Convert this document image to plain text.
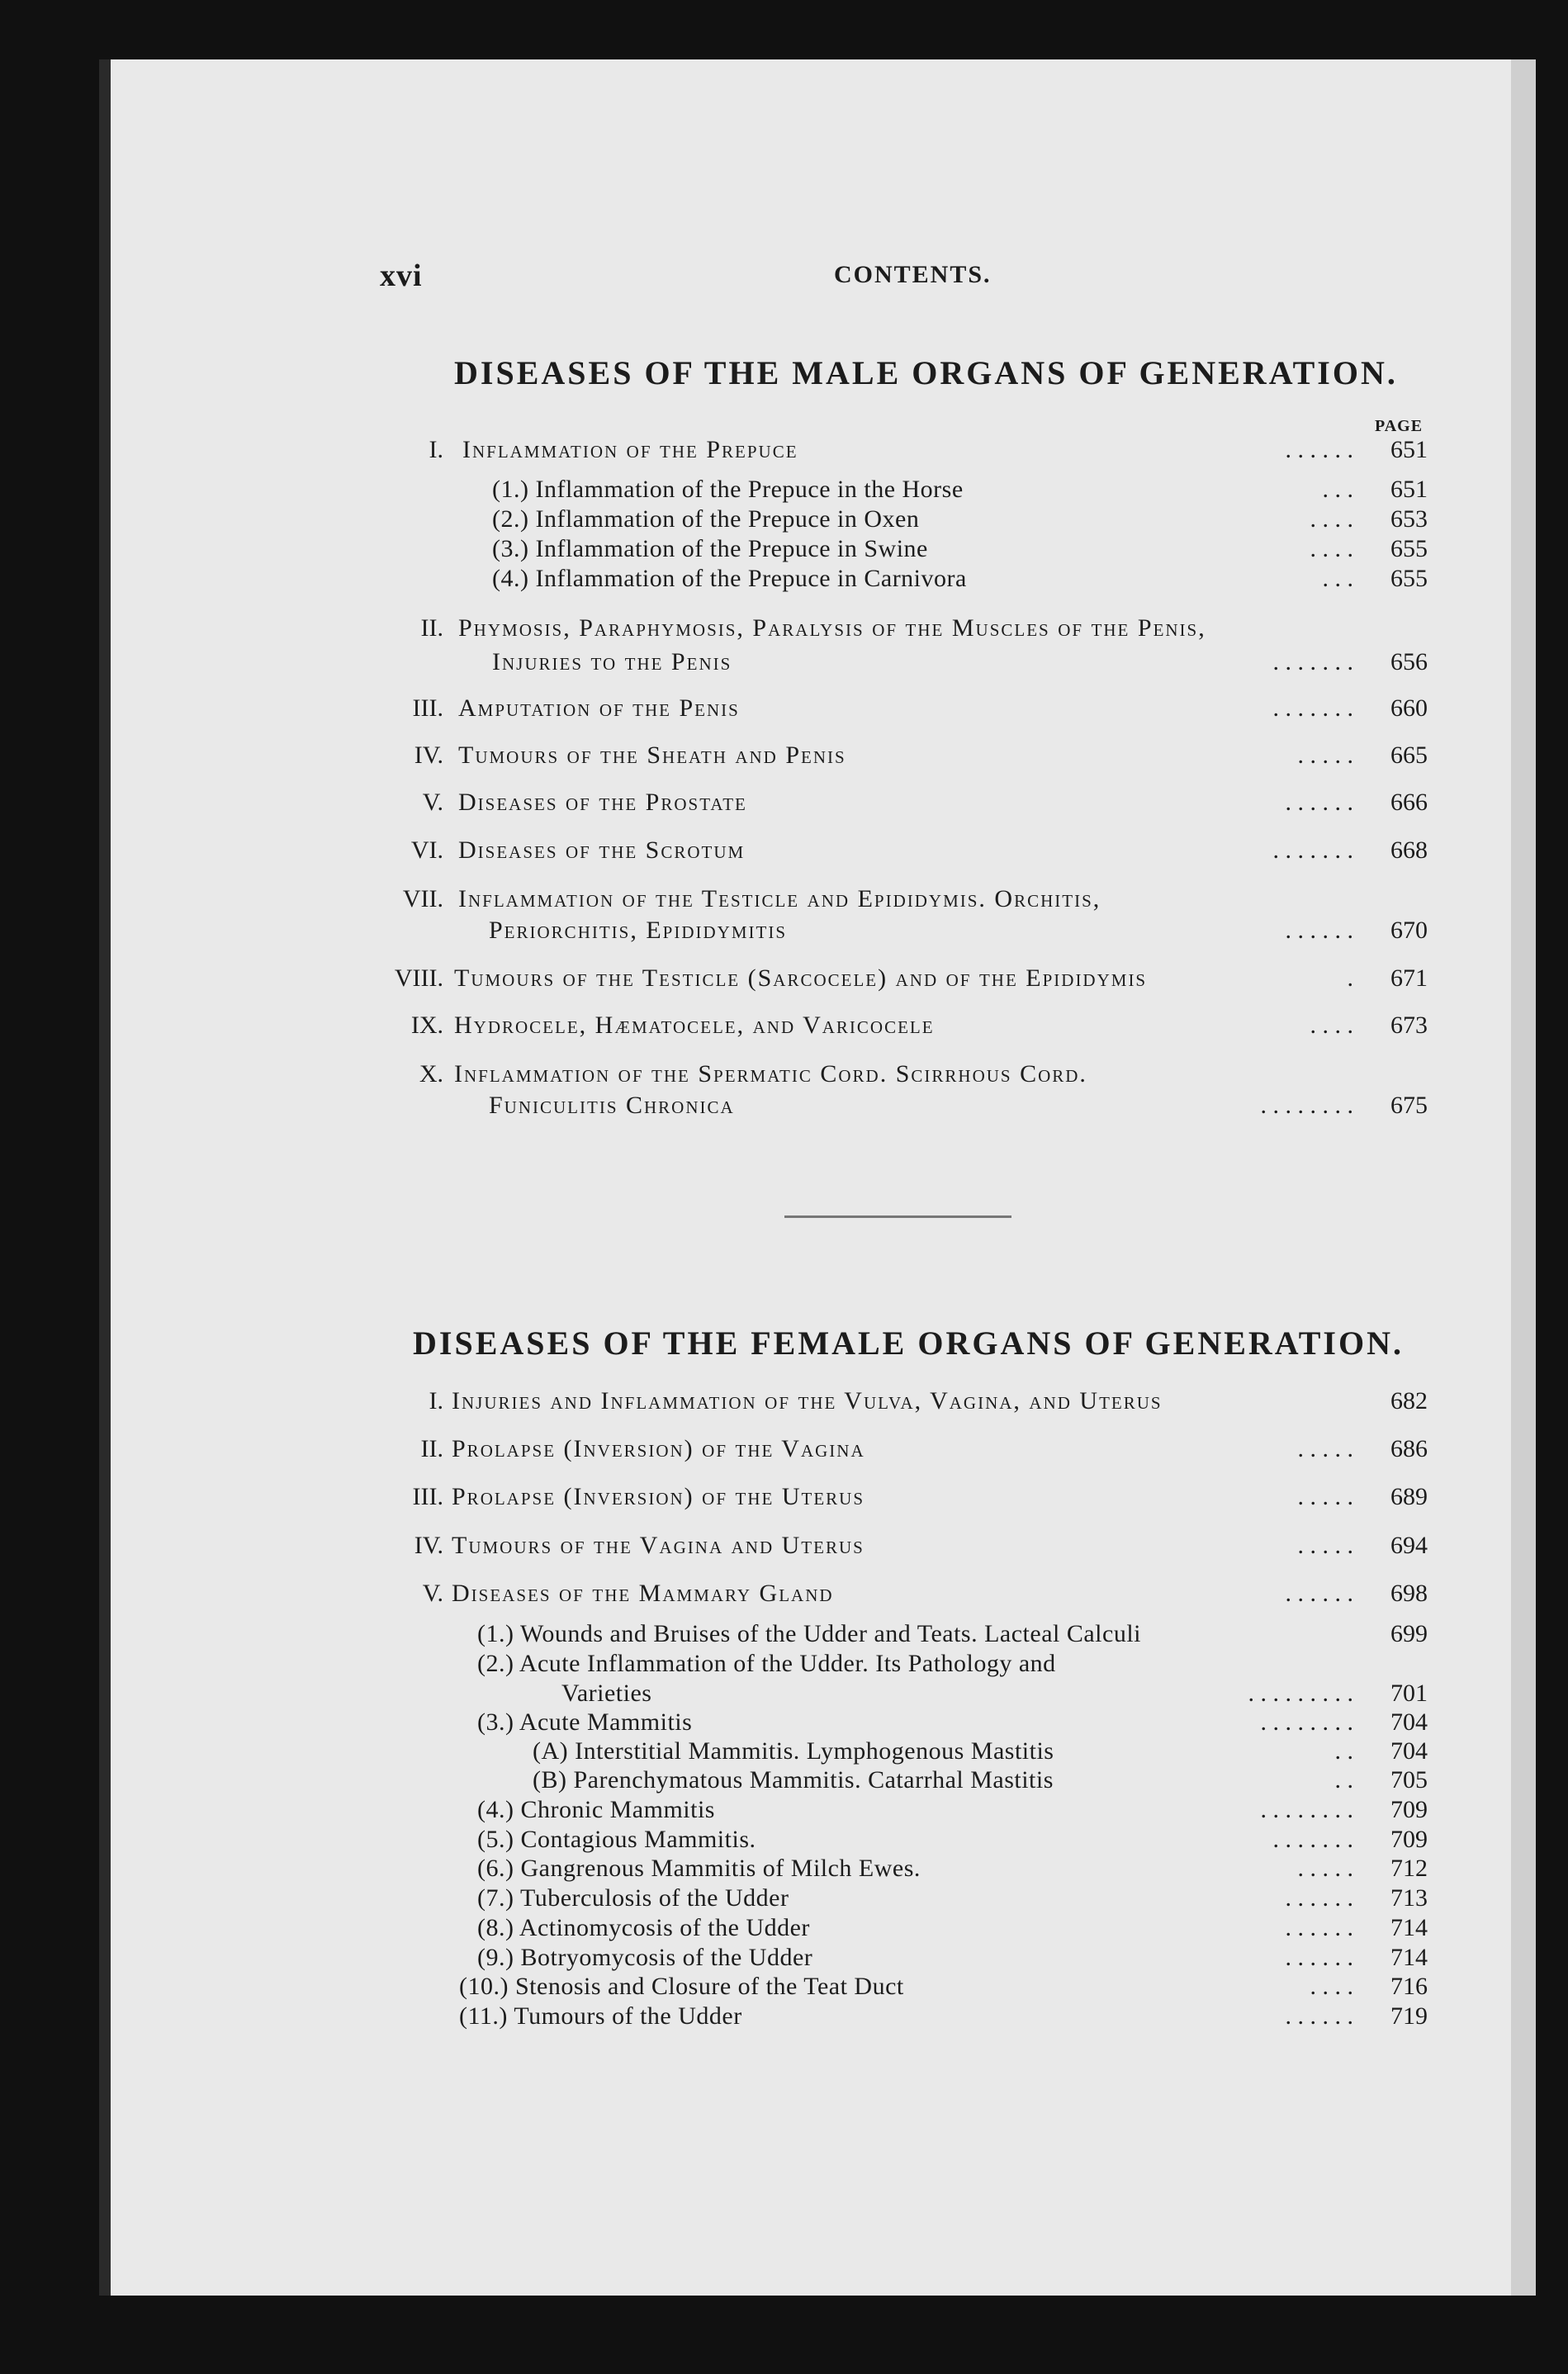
xvi	CONTENTS.
DISEASES OF THE MALE ORGANS OF GENERATION.
PAGE
I. Inflammation of the Prepuce	. . . . . . 651
(1.) Inflammation of the Prepuce in the Horse	. . . 651
(2.) Inflammation of the Prepuce in Oxen	. . . . 653
(3.) Inflammation of the Prepuce in Swine	. . . . 655
(4.) Inflammation of the Prepuce in Carnivora	. . . 655
II. Phymosis, Paraphymosis, Paralysis of the Muscles of the Penis,
Injuries to the Penis	. . . . . . . 656
III. Amputation of the Penis	. . . . . . . 660
IV. Tumours of the Sheath and Penis	. . . . . 665
V. Diseases of the Prostate	. . . . . . 666
VI. Diseases of the Scrotum	. . . . . . . 668
VII. Inflammation of the Testicle and Epididymis. Orchitis,
Periorchitis, Epididymitis	. . . . . . 670
VIII. Tumours of the Testicle (Sarcocele) and of the Epididymis	. 671
IX. Hydrocele, Hæmatocele, and Varicocele	. . . . 673
X. Inflammation of the Spermatic Cord. Scirrhous Cord.
Funiculitis Chronica	. . . . . . . . 675
DISEASES OF THE FEMALE ORGANS OF GENERATION.
I. Injuries and Inflammation of the Vulva, Vagina, and Uterus	682
II. Prolapse (Inversion) of the Vagina	. . . . . 686
III. Prolapse (Inversion) of the Uterus	. . . . . 689
IV. Tumours of the Vagina and Uterus	. . . . . 694
V. Diseases of the Mammary Gland	. . . . . . 698
(1.) Wounds and Bruises of the Udder and Teats. Lacteal Calculi	699
(2.) Acute Inflammation of the Udder. Its Pathology and
Varieties	. . . . . . . . . 701
(3.) Acute Mammitis	. . . . . . . . 704
(A) Interstitial Mammitis. Lymphogenous Mastitis	. . 704
(B) Parenchymatous Mammitis. Catarrhal Mastitis	. . 705
(4.) Chronic Mammitis	. . . . . . . . 709
(5.) Contagious Mammitis.	. . . . . . . 709
(6.) Gangrenous Mammitis of Milch Ewes.	. . . . . 712
(7.) Tuberculosis of the Udder	. . . . . . 713
(8.) Actinomycosis of the Udder	. . . . . . 714
(9.) Botryomycosis of the Udder	. . . . . . 714
(10.) Stenosis and Closure of the Teat Duct	. . . . 716
(11.) Tumours of the Udder	. . . . . . 719
